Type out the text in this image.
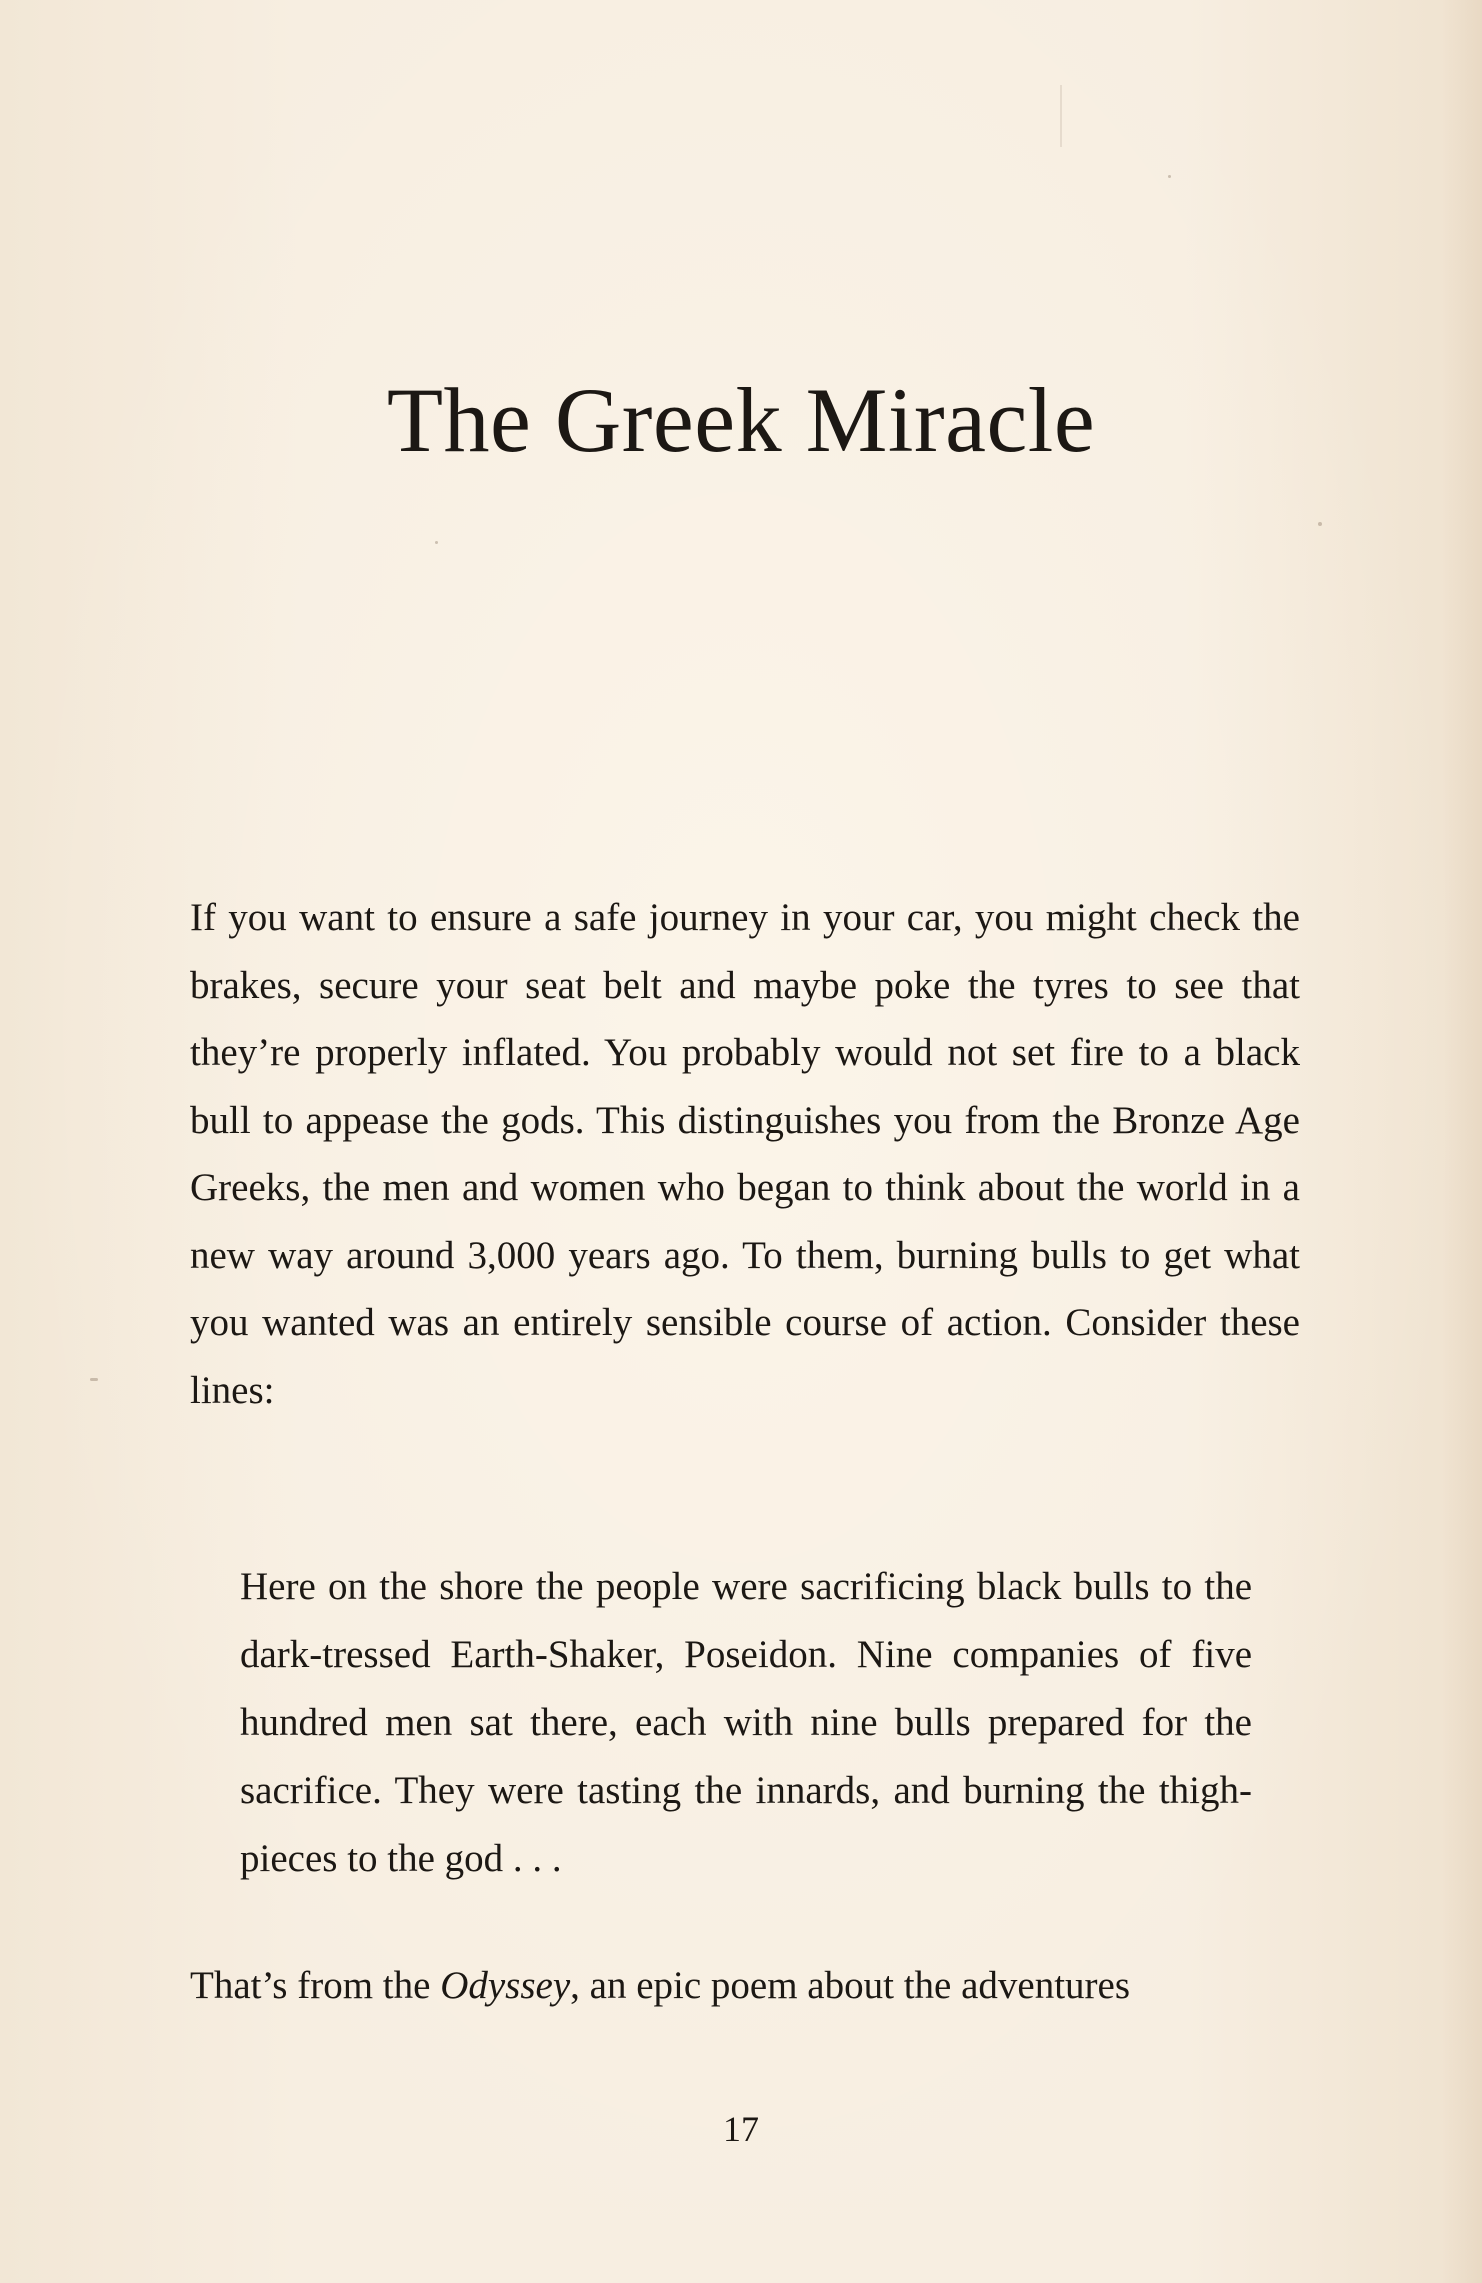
The Greek Miracle

If you want to ensure a safe journey in your car, you might check the brakes, secure your seat belt and maybe poke the tyres to see that they’re properly inflated. You probably would not set fire to a black bull to appease the gods. This distinguishes you from the Bronze Age Greeks, the men and women who began to think about the world in a new way around 3,000 years ago. To them, burning bulls to get what you wanted was an entirely sensible course of action. Consider these lines:

Here on the shore the people were sacrificing black bulls to the dark-tressed Earth-Shaker, Poseidon. Nine companies of five hundred men sat there, each with nine bulls prepared for the sacrifice. They were tasting the innards, and burning the thigh-pieces to the god . . .

That’s from the Odyssey, an epic poem about the adventures

17
